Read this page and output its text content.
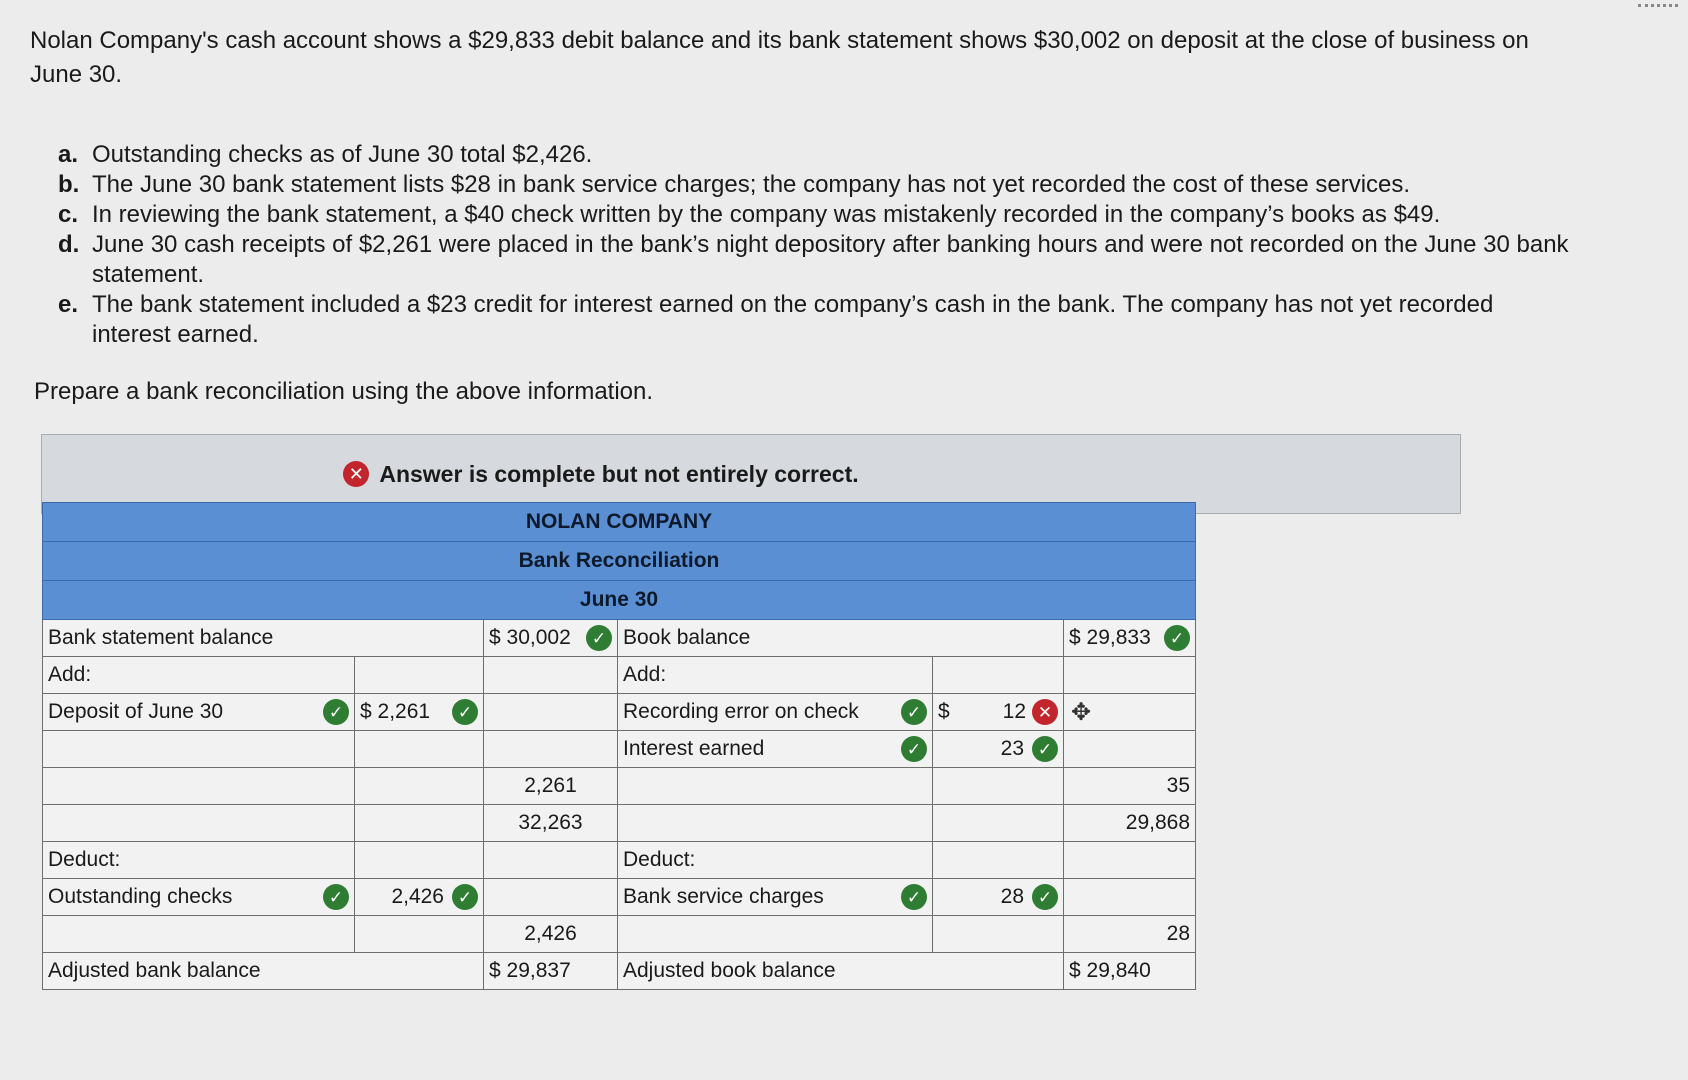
Nolan Company's cash account shows a $29,833 debit balance and its bank statement shows $30,002 on deposit at the close of business on June 30.
a. Outstanding checks as of June 30 total $2,426.
b. The June 30 bank statement lists $28 in bank service charges; the company has not yet recorded the cost of these services.
c. In reviewing the bank statement, a $40 check written by the company was mistakenly recorded in the company’s books as $49.
d. June 30 cash receipts of $2,261 were placed in the bank’s night depository after banking hours and were not recorded on the June 30 bank statement.
e. The bank statement included a $23 credit for interest earned on the company’s cash in the bank. The company has not yet recorded interest earned.
Prepare a bank reconciliation using the above information.
✕ Answer is complete but not entirely correct.
NOLAN COMPANY					
Bank Reconciliation					
June 30					
Bank statement balance		$ 30,002 ✓	Book balance		$ 29,833 ✓

Add:			Add:		

Deposit of June 30 ✓	$ 2,261 ✓		Recording error on check ✓	$ 12 ✕	✥

			Interest earned ✓	23 ✓	

		2,261			35
		32,263			29,868
Deduct:			Deduct:		

Outstanding checks ✓	2,426 ✓		Bank service charges ✓	28 ✓	

		2,426			28
Adjusted bank balance		$ 29,837	Adjusted book balance		$ 29,840
